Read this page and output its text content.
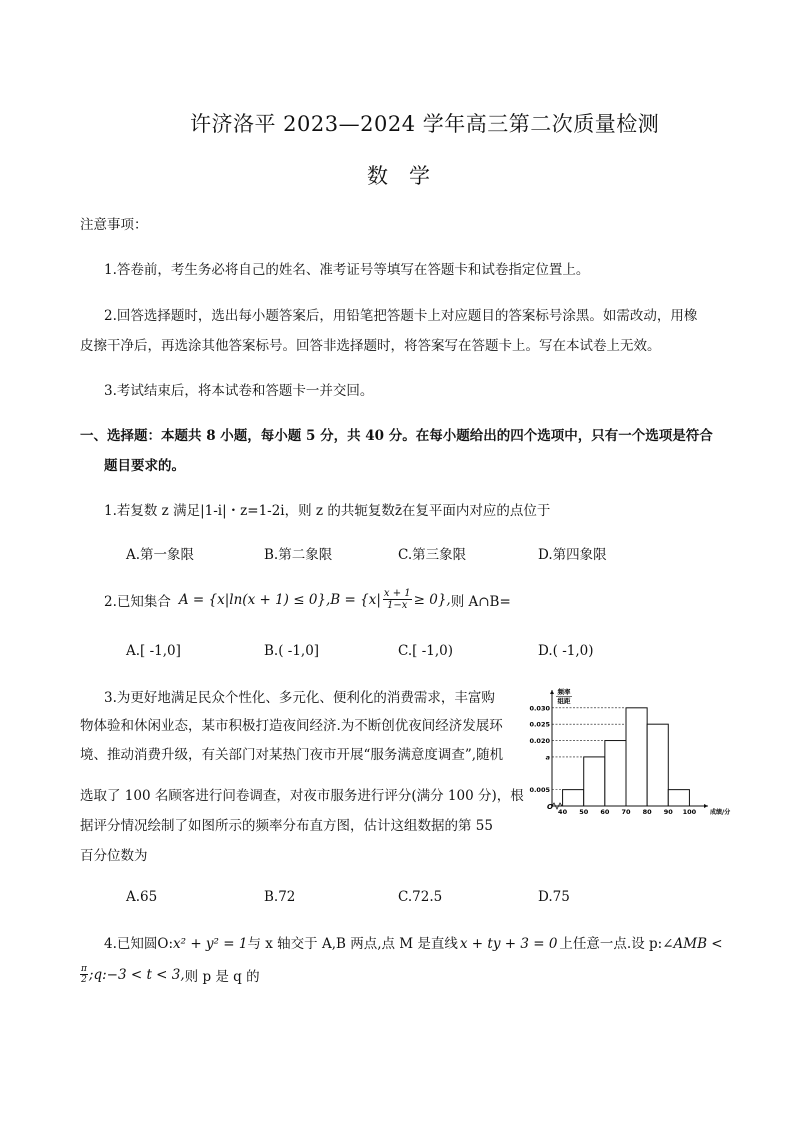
许济洛平 2023—2024 学年高三第二次质量检测
数　学
注意事项：
1.答卷前，考生务必将自己的姓名、准考证号等填写在答题卡和试卷指定位置上。
2.回答选择题时，选出每小题答案后，用铅笔把答题卡上对应题目的答案标号涂黑。如需改动，用橡
皮擦干净后，再选涂其他答案标号。回答非选择题时，将答案写在答题卡上。写在本试卷上无效。
3.考试结束后，将本试卷和答题卡一并交回。
一、选择题：本题共 8 小题，每小题 5 分，共 40 分。在每小题给出的四个选项中，只有一个选项是符合
题目要求的。
1.若复数 z 满足|1-i|・z=1-2i，则 z 的共轭复数z̄在复平面内对应的点位于
A.第一象限	B.第二象限	C.第三象限	D.第四象限
2.已知集合 A = {x|ln(x + 1) ≤ 0}, $B = \{x| \frac{x + 1}{1-x} \ge 0\}$, 则 A∩B=
A.[ -1,0]	B.( -1,0]	C.[ -1,0)	D.( -1,0)
3.为更好地满足民众个性化、多元化、便利化的消费需求，丰富购
物体验和休闲业态，某市积极打造夜间经济.为不断创优夜间经济发展环
境、推动消费升级，有关部门对某热门夜市开展“服务满意度调查”,随机
选取了 100 名顾客进行问卷调查，对夜市服务进行评分(满分 100 分)，根
据评分情况绘制了如图所示的频率分布直方图，估计这组数据的第 55
百分位数为
0.030
0.025
0.020
a
0.005
40 50 60 70 80 90 100
O
成绩/分
频率
组距
A.65	B.72	C.72.5	D.75
4.已知圆O:x² + y² = 1与 x 轴交于 A,B 两点,点 M 是直线 x + ty + 3 = 0 上任意一点.设 p:∠AMB <
$\frac{\pi}{2}$ ;q:−3 < t < 3, 则 p 是 q 的
